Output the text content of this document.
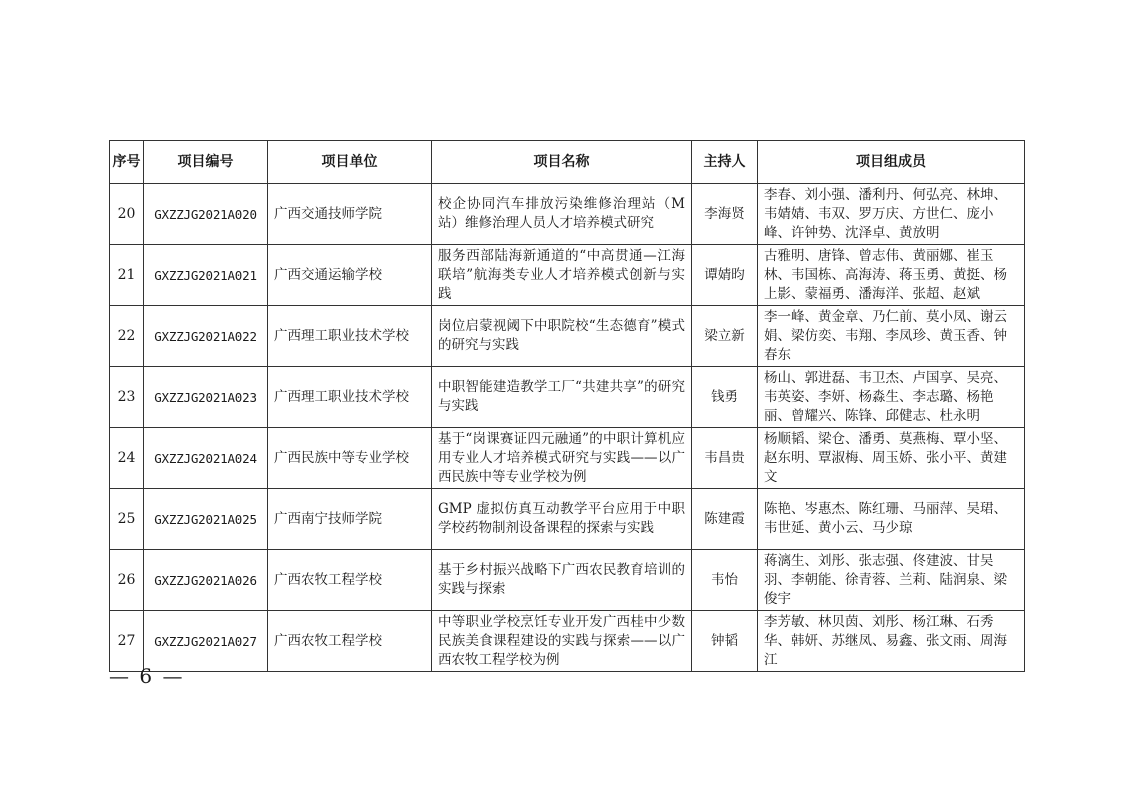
序号	项目编号	项目单位	项目名称	主持人	项目组成员
20	GXZZJG2021A020	广西交通技师学院	校企协同汽车排放污染维修治理站（M站）维修治理人员人才培养模式研究	李海贤	李春、刘小强、潘利丹、何弘亮、林坤、韦婧婧、韦双、罗万庆、方世仁、庞小峰、许钟势、沈泽卓、黄放明
21	GXZZJG2021A021	广西交通运输学校	服务西部陆海新通道的“中高贯通—江海联培”航海类专业人才培养模式创新与实践	谭婧昀	古雅明、唐锋、曾志伟、黄丽娜、崔玉林、韦国栋、高海涛、蒋玉勇、黄挺、杨上影、蒙福勇、潘海洋、张超、赵斌
22	GXZZJG2021A022	广西理工职业技术学校	岗位启蒙视阈下中职院校“生态德育”模式的研究与实践	梁立新	李一峰、黄金章、乃仁前、莫小凤、谢云娟、梁仿奕、韦翔、李凤珍、黄玉香、钟春东
23	GXZZJG2021A023	广西理工职业技术学校	中职智能建造教学工厂“共建共享”的研究与实践	钱勇	杨山、郭进磊、韦卫杰、卢国享、吴亮、韦英姿、李妍、杨淼生、李志璐、杨艳丽、曾耀兴、陈锋、邱健志、杜永明
24	GXZZJG2021A024	广西民族中等专业学校	基于“岗课赛证四元融通”的中职计算机应用专业人才培养模式研究与实践——以广西民族中等专业学校为例	韦昌贵	杨顺韬、梁仓、潘勇、莫燕梅、覃小坚、赵东明、覃淑梅、周玉娇、张小平、黄建文
25	GXZZJG2021A025	广西南宁技师学院	GMP 虚拟仿真互动教学平台应用于中职学校药物制剂设备课程的探索与实践	陈建霞	陈艳、岑惠杰、陈红珊、马丽萍、吴珺、韦世延、黄小云、马少琼
26	GXZZJG2021A026	广西农牧工程学校	基于乡村振兴战略下广西农民教育培训的实践与探索	韦怡	蒋漓生、刘彤、张志强、佟建波、甘吴羽、李朝能、徐青蓉、兰莉、陆润泉、梁俊宇
27	GXZZJG2021A027	广西农牧工程学校	中等职业学校烹饪专业开发广西桂中少数民族美食课程建设的实践与探索——以广西农牧工程学校为例	钟韬	李芳敏、林贝茵、刘彤、杨江琳、石秀华、韩妍、苏继凤、易鑫、张文雨、周海江
— 6 —
